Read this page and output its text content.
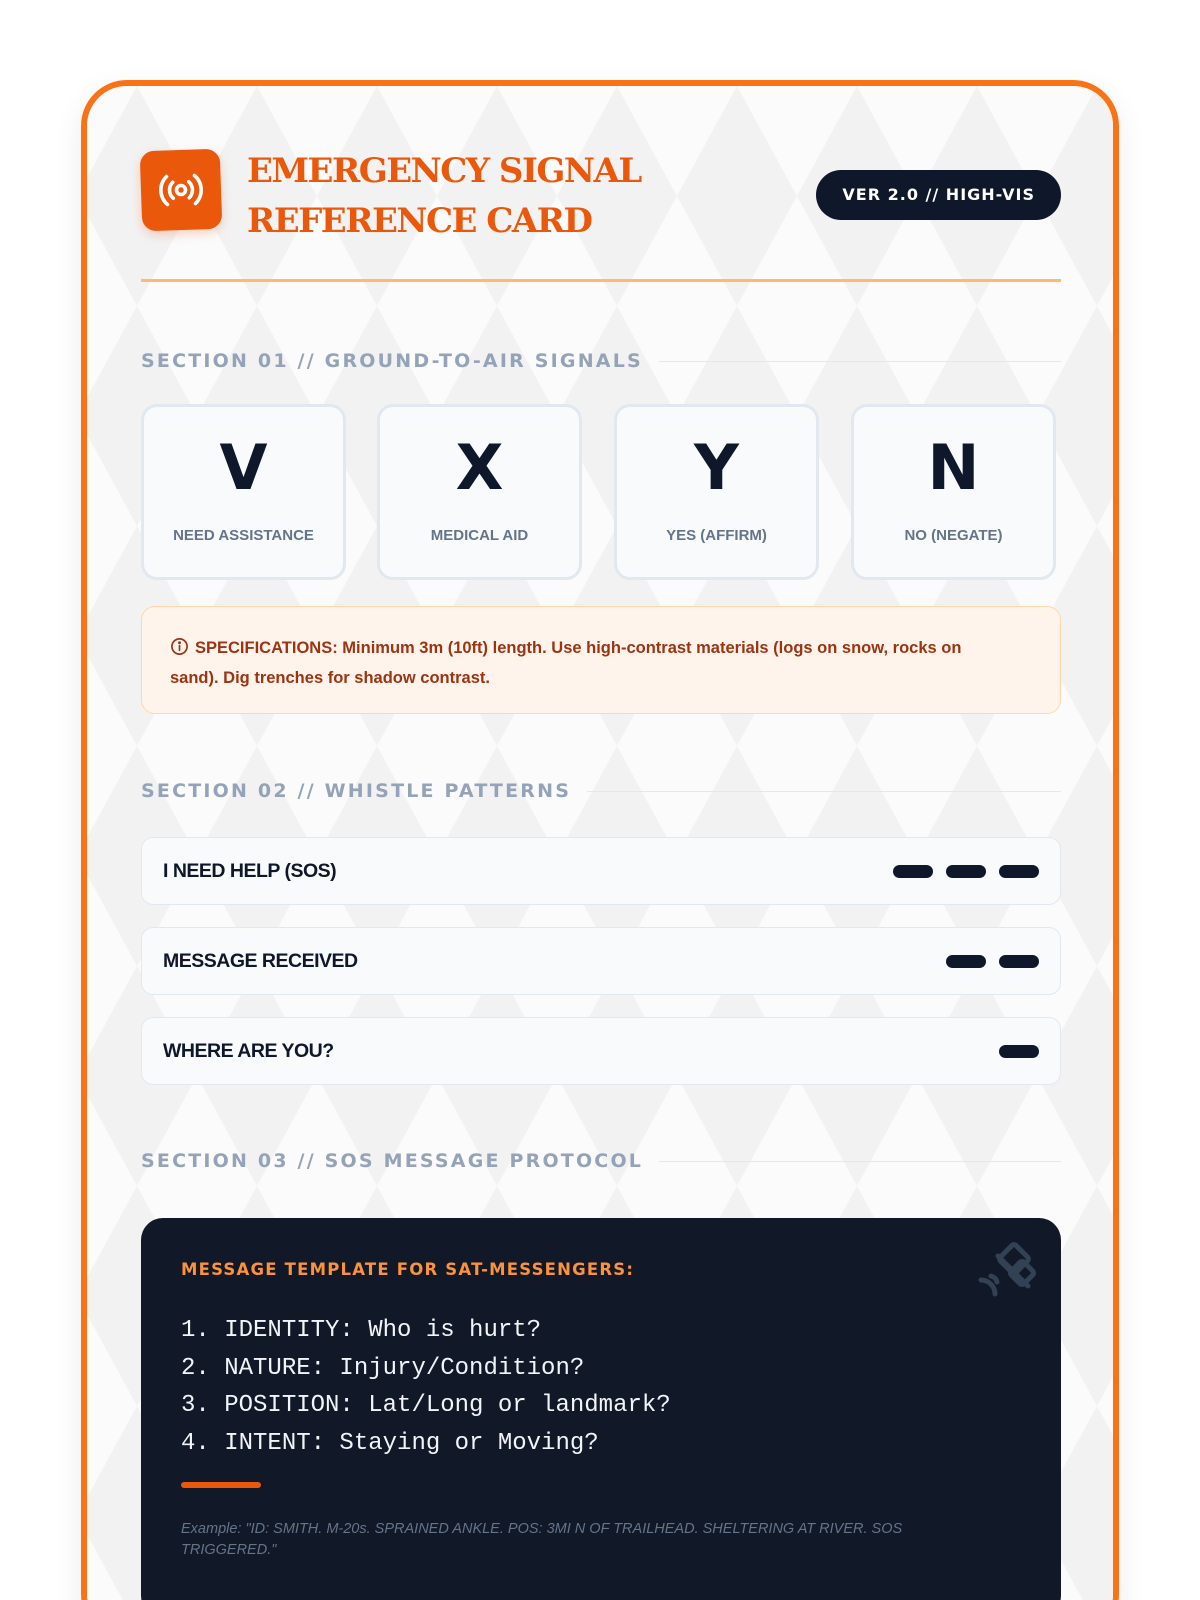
EMERGENCY SIGNAL
REFERENCE CARD
VER 2.0 // HIGH-VIS
SECTION 01 // GROUND-TO-AIR SIGNALS
V
NEED ASSISTANCE
X
MEDICAL AID
Y
YES (AFFIRM)
N
NO (NEGATE)
SPECIFICATIONS: Minimum 3m (10ft) length. Use high-contrast materials (logs on snow, rocks on sand). Dig trenches for shadow contrast.
SECTION 02 // WHISTLE PATTERNS
I NEED HELP (SOS)
MESSAGE RECEIVED
WHERE ARE YOU?
SECTION 03 // SOS MESSAGE PROTOCOL
MESSAGE TEMPLATE FOR SAT-MESSENGERS:
1. IDENTITY: Who is hurt?
2. NATURE: Injury/Condition?
3. POSITION: Lat/Long or landmark?
4. INTENT: Staying or Moving?
Example: "ID: SMITH. M-20s. SPRAINED ANKLE. POS: 3MI N OF TRAILHEAD. SHELTERING AT RIVER. SOS TRIGGERED."
